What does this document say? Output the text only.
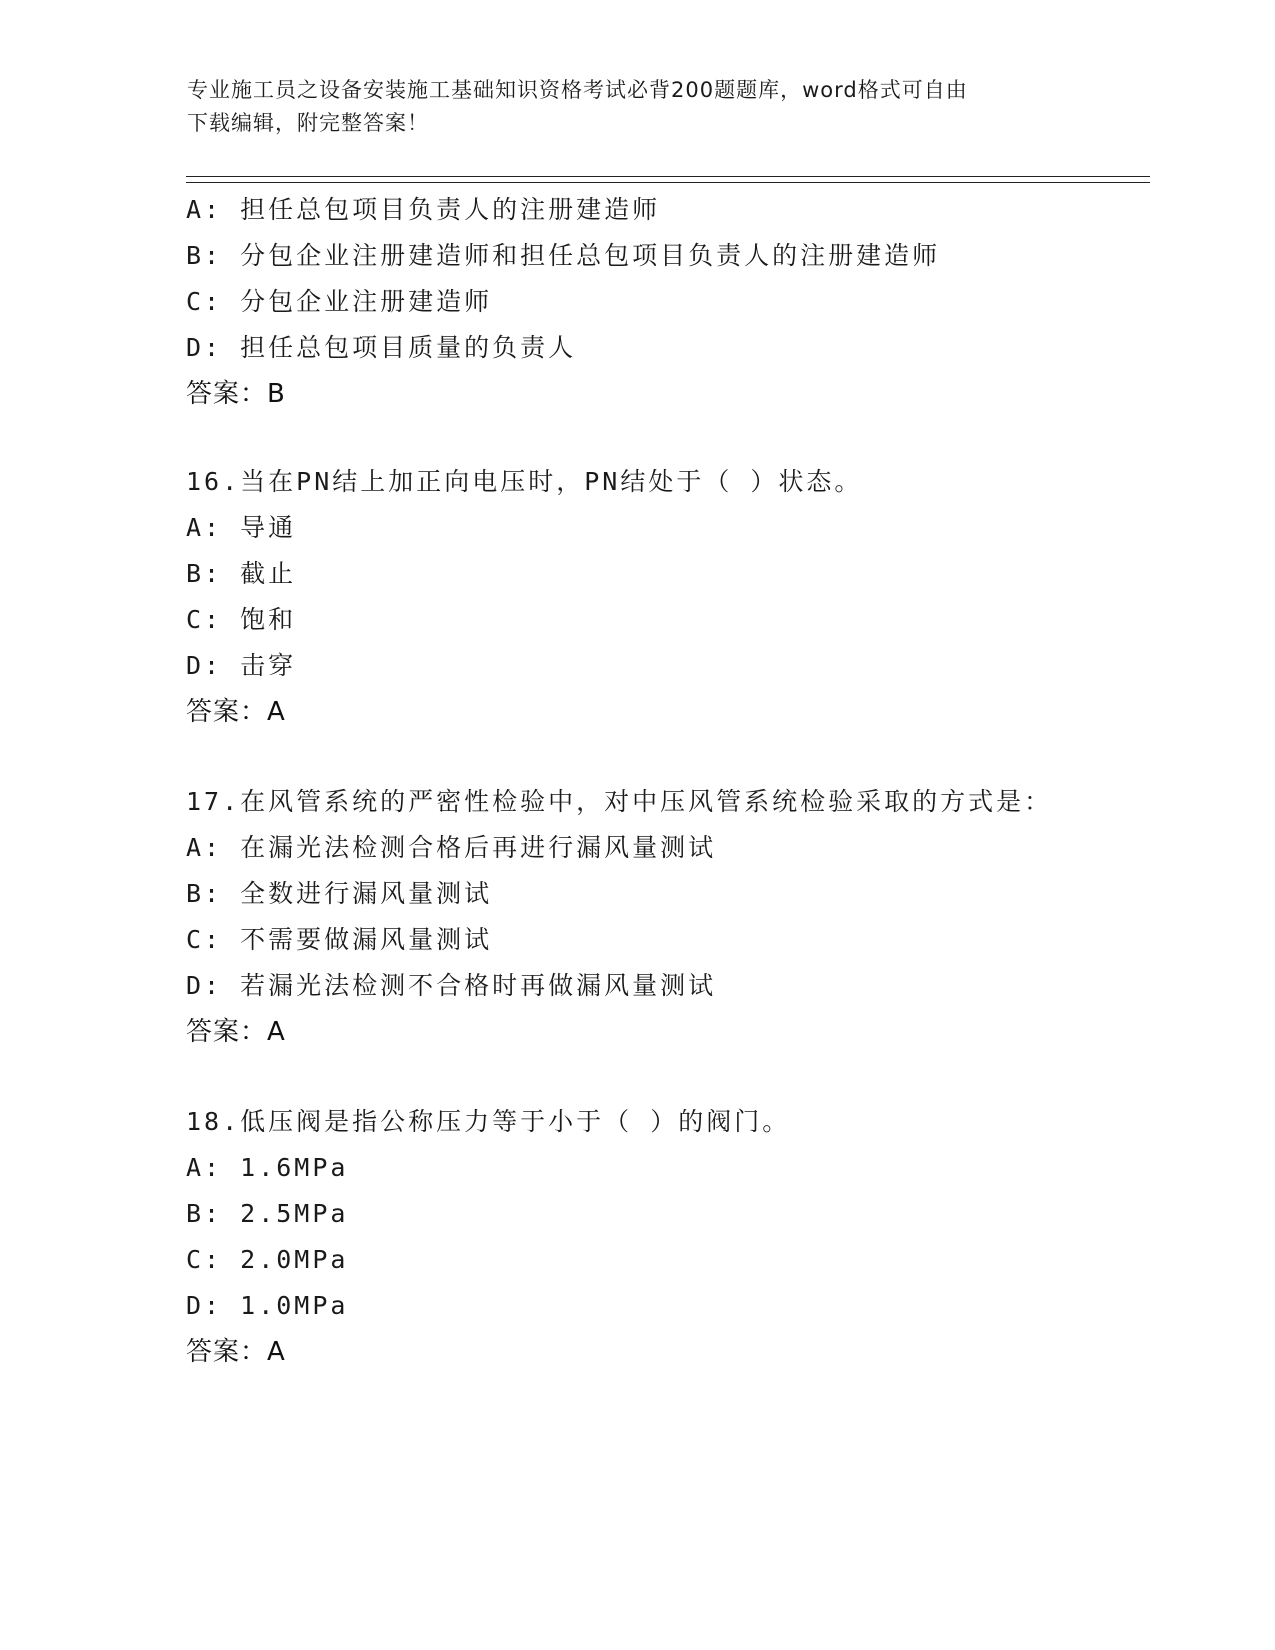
专业施工员之设备安装施工基础知识资格考试必背200题题库，word格式可自由
下载编辑，附完整答案！
A: 担任总包项目负责人的注册建造师
B: 分包企业注册建造师和担任总包项目负责人的注册建造师
C: 分包企业注册建造师
D: 担任总包项目质量的负责人
答案：B
16.当在PN结上加正向电压时，PN结处于（ ）状态。
A: 导通
B: 截止
C: 饱和
D: 击穿
答案：A
17.在风管系统的严密性检验中，对中压风管系统检验采取的方式是：
A: 在漏光法检测合格后再进行漏风量测试
B: 全数进行漏风量测试
C: 不需要做漏风量测试
D: 若漏光法检测不合格时再做漏风量测试
答案：A
18.低压阀是指公称压力等于小于（ ）的阀门。
A: 1.6MPa
B: 2.5MPa
C: 2.0MPa
D: 1.0MPa
答案：A
